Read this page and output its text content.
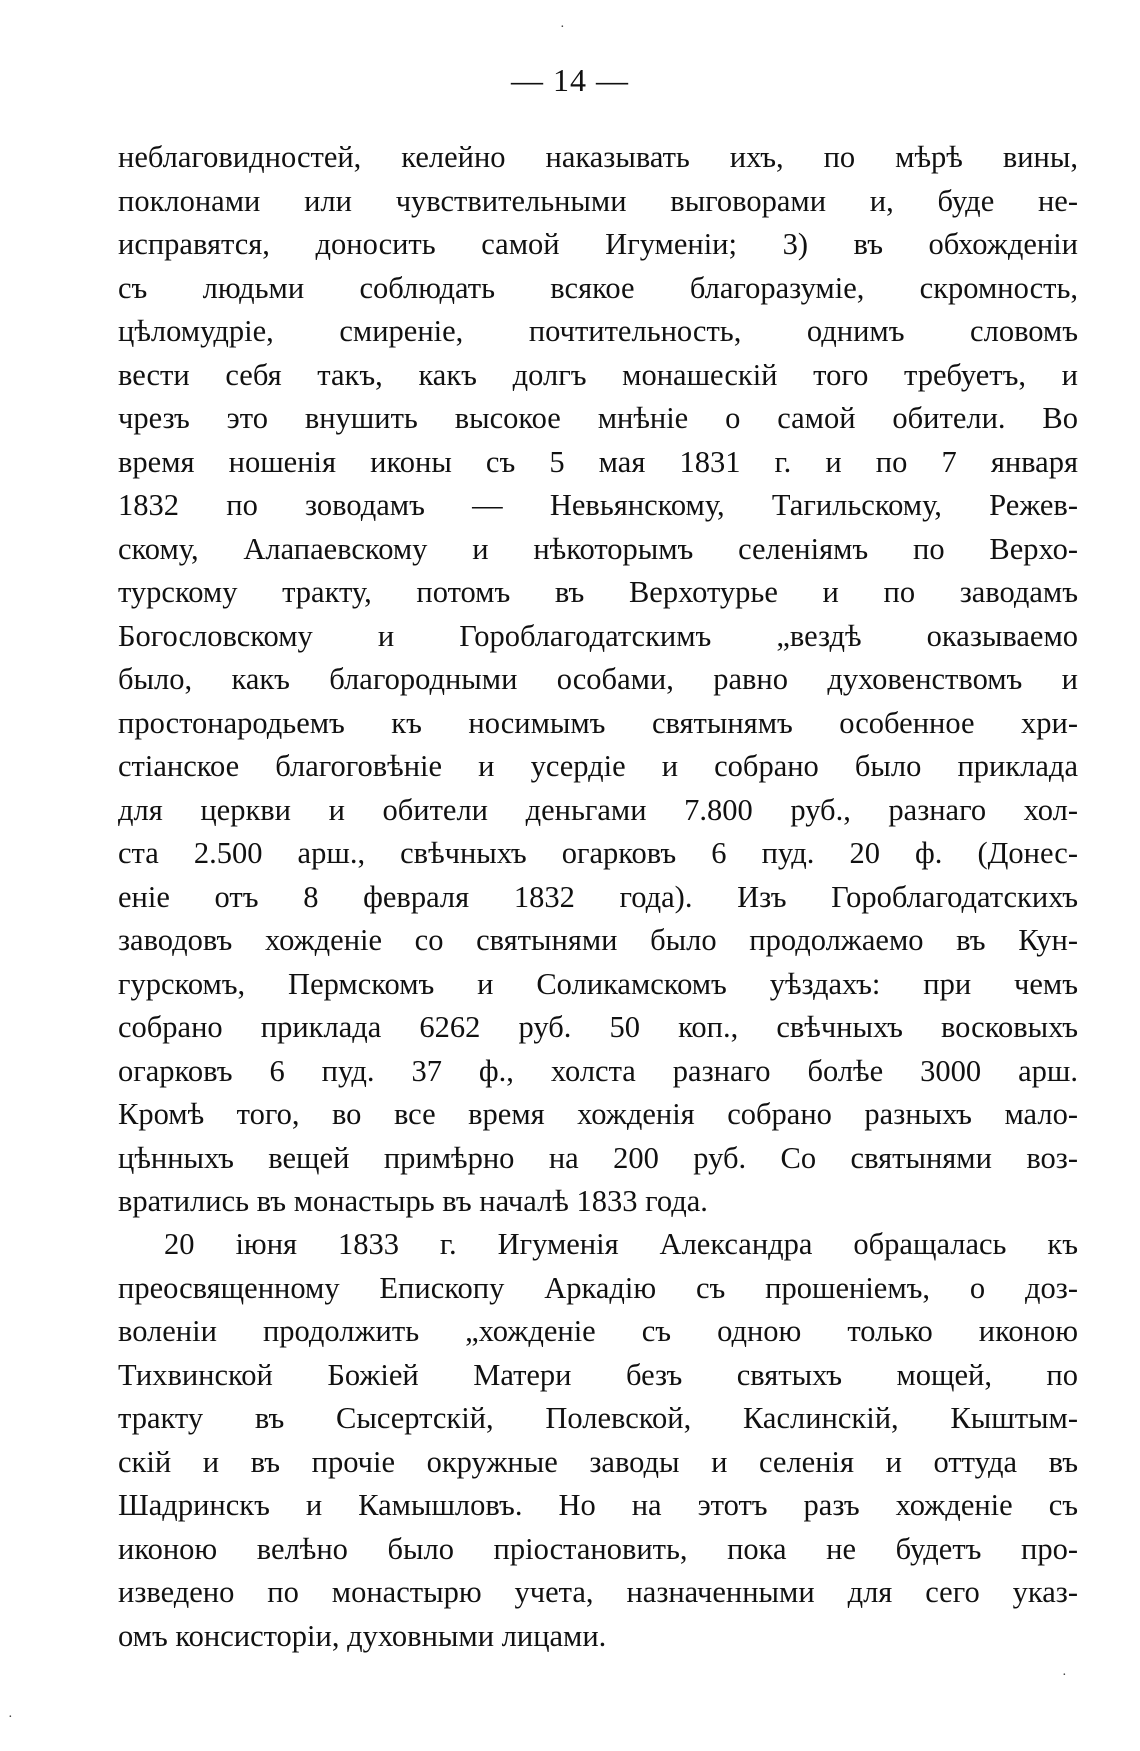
— 14 —
неблаговидностей, келейно наказывать ихъ, по мѣрѣ вины,
поклонами или чувствительными выговорами и, буде не-
исправятся, доносить самой Игуменіи; 3) въ обхожденіи
съ людьми соблюдать всякое благоразуміе, скромность,
цѣломудріе, смиреніе, почтительность, однимъ словомъ
вести себя такъ, какъ долгъ монашескій того требуетъ, и
чрезъ это внушить высокое мнѣніе о самой обители. Во
время ношенія иконы съ 5 мая 1831 г. и по 7 января
1832 по зоводамъ — Невьянскому, Тагильскому, Режев-
скому, Алапаевскому и нѣкоторымъ селеніямъ по Верхо-
турскому тракту, потомъ въ Верхотурье и по заводамъ
Богословскому и Гороблагодатскимъ „вездѣ оказываемо
было, какъ благородными особами, равно духовенствомъ и
простонародьемъ къ носимымъ святынямъ особенное хри-
стіанское благоговѣніе и усердіе и собрано было приклада
для церкви и обители деньгами 7.800 руб., разнаго хол-
ста 2.500 арш., свѣчныхъ огарковъ 6 пуд. 20 ф. (Донес-
еніе отъ 8 февраля 1832 года). Изъ Гороблагодатскихъ
заводовъ хожденіе со святынями было продолжаемо въ Кун-
гурскомъ, Пермскомъ и Соликамскомъ уѣздахъ: при чемъ
собрано приклада 6262 руб. 50 коп., свѣчныхъ восковыхъ
огарковъ 6 пуд. 37 ф., холста разнаго болѣе 3000 арш.
Кромѣ того, во все время хожденія собрано разныхъ мало-
цѣнныхъ вещей примѣрно на 200 руб. Со святынями воз-
вратились въ монастырь въ началѣ 1833 года.
20 іюня 1833 г. Игуменія Александра обращалась къ
преосвященному Епископу Аркадію съ прошеніемъ, о доз-
воленіи продолжить „хожденіе съ одною только иконою
Тихвинской Божіей Матери безъ святыхъ мощей, по
тракту въ Сысертскій, Полевской, Каслинскій, Кыштым-
скій и въ прочіе окружные заводы и селенія и оттуда въ
Шадринскъ и Камышловъ. Но на этотъ разъ хожденіе съ
иконою велѣно было пріостановить, пока не будетъ про-
изведено по монастырю учета, назначенными для сего указ-
омъ консисторіи, духовными лицами.
·
·
·
